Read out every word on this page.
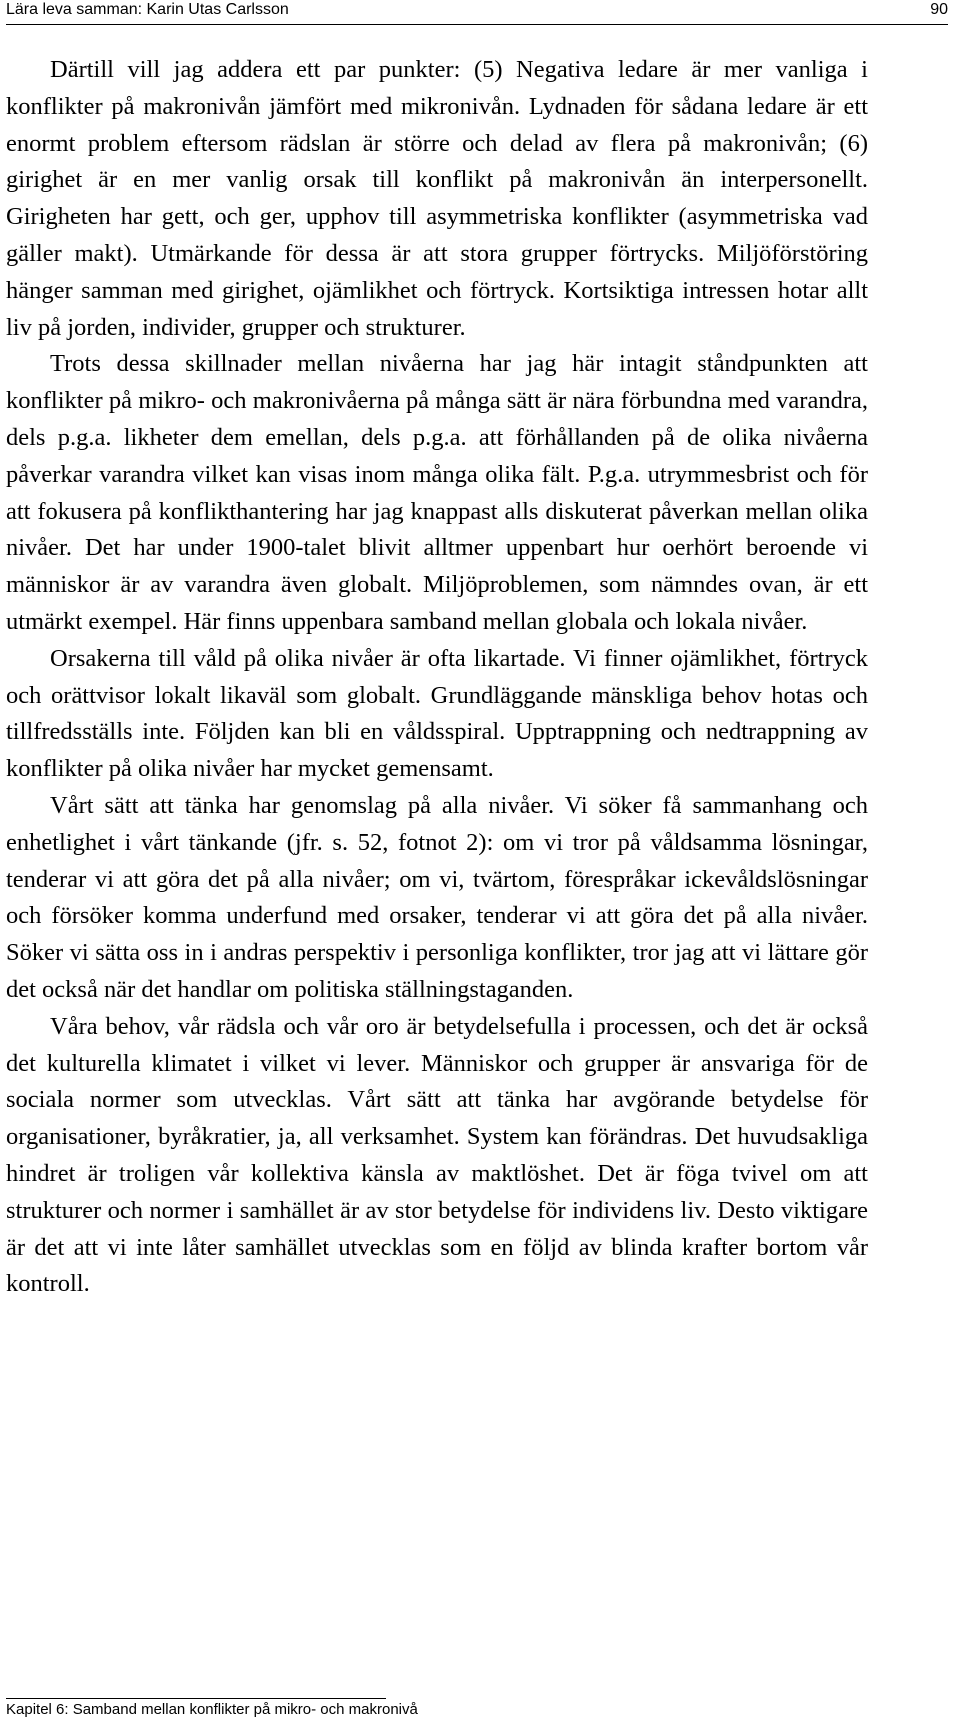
Lära leva samman: Karin Utas Carlsson	90

Därtill vill jag addera ett par punkter: (5) Negativa ledare är mer vanliga i konflikter på makronivån jämfört med mikronivån. Lydnaden för sådana ledare är ett enormt problem eftersom rädslan är större och delad av flera på makronivån; (6) girighet är en mer vanlig orsak till konflikt på makronivån än interpersonellt. Girigheten har gett, och ger, upphov till asymmetriska konflikter (asymmetriska vad gäller makt). Utmärkande för dessa är att stora grupper förtrycks. Miljöförstöring hänger samman med girighet, ojämlikhet och förtryck. Kortsiktiga intressen hotar allt liv på jorden, individer, grupper och strukturer.

Trots dessa skillnader mellan nivåerna har jag här intagit ståndpunkten att konflikter på mikro- och makronivåerna på många sätt är nära förbundna med varandra, dels p.g.a. likheter dem emellan, dels p.g.a. att förhållanden på de olika nivåerna påverkar varandra vilket kan visas inom många olika fält. P.g.a. utrymmesbrist och för att fokusera på konflikthantering har jag knappast alls diskuterat påverkan mellan olika nivåer. Det har under 1900-talet blivit alltmer uppenbart hur oerhört beroende vi människor är av varandra även globalt. Miljöproblemen, som nämndes ovan, är ett utmärkt exempel. Här finns uppenbara samband mellan globala och lokala nivåer.

Orsakerna till våld på olika nivåer är ofta likartade. Vi finner ojämlikhet, förtryck och orättvisor lokalt likaväl som globalt. Grundläggande mänskliga behov hotas och tillfredsställs inte. Följden kan bli en våldsspiral. Upptrappning och nedtrappning av konflikter på olika nivåer har mycket gemensamt.

Vårt sätt att tänka har genomslag på alla nivåer. Vi söker få sammanhang och enhetlighet i vårt tänkande (jfr. s. 52, fotnot 2): om vi tror på våldsamma lösningar, tenderar vi att göra det på alla nivåer; om vi, tvärtom, förespråkar ickevåldslösningar och försöker komma underfund med orsaker, tenderar vi att göra det på alla nivåer. Söker vi sätta oss in i andras perspektiv i personliga konflikter, tror jag att vi lättare gör det också när det handlar om politiska ställningstaganden.

Våra behov, vår rädsla och vår oro är betydelsefulla i processen, och det är också det kulturella klimatet i vilket vi lever. Människor och grupper är ansvariga för de sociala normer som utvecklas. Vårt sätt att tänka har avgörande betydelse för organisationer, byråkratier, ja, all verksamhet. System kan förändras. Det huvudsakliga hindret är troligen vår kollektiva känsla av maktlöshet. Det är föga tvivel om att strukturer och normer i samhället är av stor betydelse för individens liv. Desto viktigare är det att vi inte låter samhället utvecklas som en följd av blinda krafter bortom vår kontroll.

Kapitel 6: Samband mellan konflikter på mikro- och makronivå
